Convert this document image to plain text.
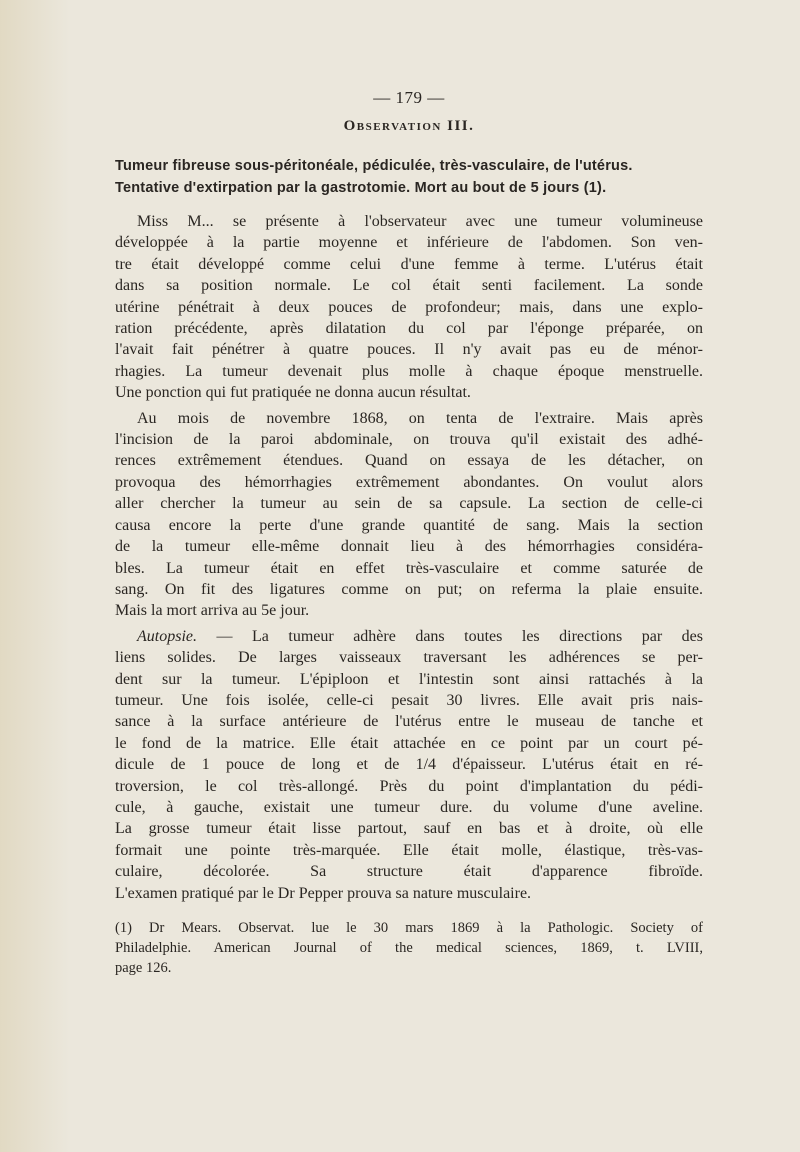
— 179 —
Observation III.
Tumeur fibreuse sous-péritonéale, pédiculée, très-vasculaire, de l'utérus.
Tentative d'extirpation par la gastrotomie. Mort au bout de 5 jours (1).
Miss M... se présente à l'observateur avec une tumeur volumineuse
développée à la partie moyenne et inférieure de l'abdomen. Son ven-
tre était développé comme celui d'une femme à terme. L'utérus était
dans sa position normale. Le col était senti facilement. La sonde
utérine pénétrait à deux pouces de profondeur; mais, dans une explo-
ration précédente, après dilatation du col par l'éponge préparée, on
l'avait fait pénétrer à quatre pouces. Il n'y avait pas eu de ménor-
rhagies. La tumeur devenait plus molle à chaque époque menstruelle.
Une ponction qui fut pratiquée ne donna aucun résultat.
Au mois de novembre 1868, on tenta de l'extraire. Mais après
l'incision de la paroi abdominale, on trouva qu'il existait des adhé-
rences extrêmement étendues. Quand on essaya de les détacher, on
provoqua des hémorrhagies extrêmement abondantes. On voulut alors
aller chercher la tumeur au sein de sa capsule. La section de celle-ci
causa encore la perte d'une grande quantité de sang. Mais la section
de la tumeur elle-même donnait lieu à des hémorrhagies considéra-
bles. La tumeur était en effet très-vasculaire et comme saturée de
sang. On fit des ligatures comme on put; on referma la plaie ensuite.
Mais la mort arriva au 5e jour.
Autopsie. — La tumeur adhère dans toutes les directions par des
liens solides. De larges vaisseaux traversant les adhérences se per-
dent sur la tumeur. L'épiploon et l'intestin sont ainsi rattachés à la
tumeur. Une fois isolée, celle-ci pesait 30 livres. Elle avait pris nais-
sance à la surface antérieure de l'utérus entre le museau de tanche et
le fond de la matrice. Elle était attachée en ce point par un court pé-
dicule de 1 pouce de long et de 1/4 d'épaisseur. L'utérus était en ré-
troversion, le col très-allongé. Près du point d'implantation du pédi-
cule, à gauche, existait une tumeur dure. du volume d'une aveline.
La grosse tumeur était lisse partout, sauf en bas et à droite, où elle
formait une pointe très-marquée. Elle était molle, élastique, très-vas-
culaire, décolorée. Sa structure était d'apparence fibroïde.
L'examen pratiqué par le Dr Pepper prouva sa nature musculaire.
(1) Dr Mears. Observat. lue le 30 mars 1869 à la Pathologic. Society of
Philadelphie. American Journal of the medical sciences, 1869, t. LVIII,
page 126.
